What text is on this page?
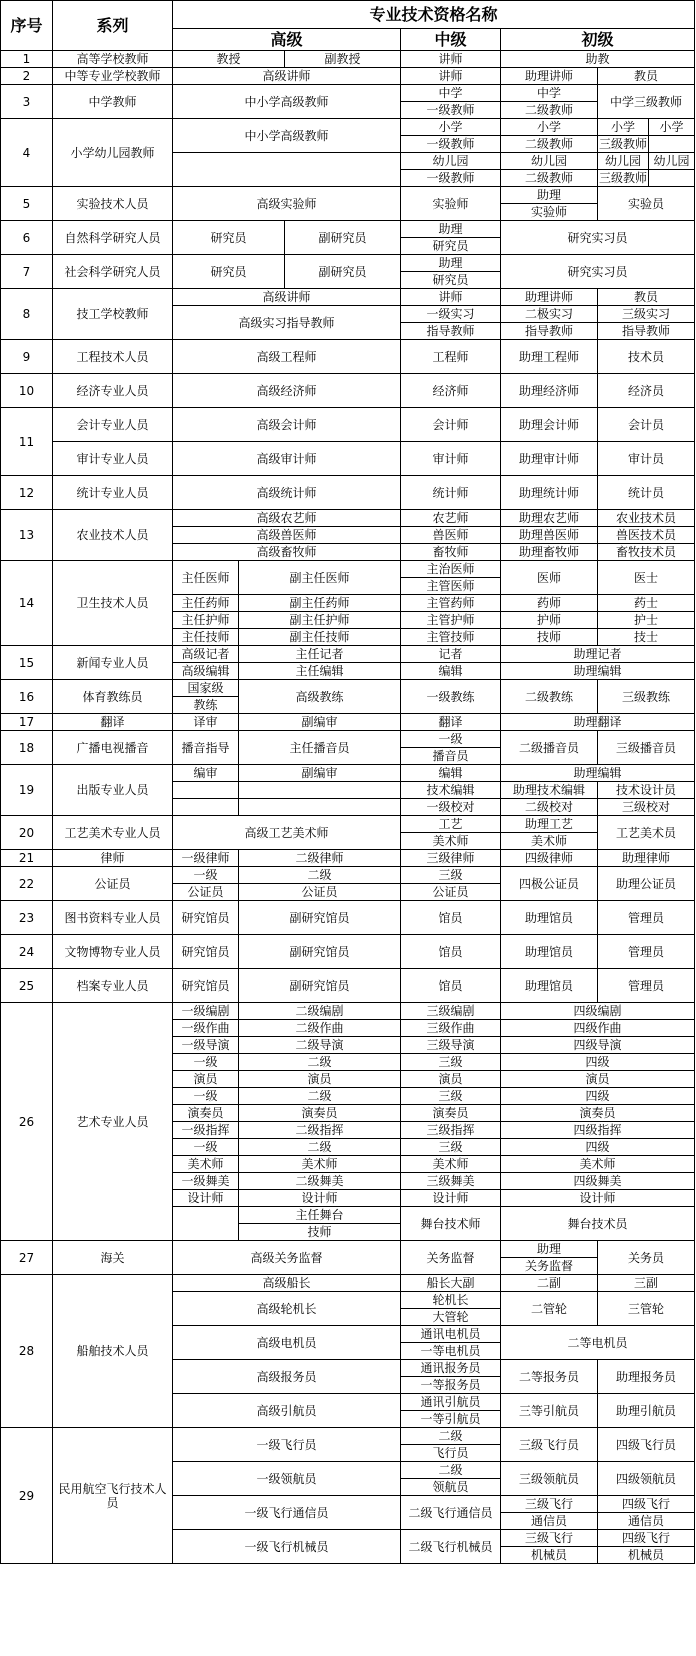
序号	系列	专业技术资格名称						
		高级			中级	初级		
1	高等学校教师	教授		副教授	讲师	助教		
2	中等专业学校教师	高级讲师			讲师	助理讲师	教员	
3	中学教师	中小学高级教师			中学	中学	中学三级教师	
					一级教师	二级教师		
4	小学幼儿园教师	中小学高级教师			小学	小学	小学	小学
					一级教师	二级教师	三级教师	
					幼儿园	幼儿园	幼儿园	幼儿园
					一级教师	二级教师	三级教师	
5	实验技术人员	高级实验师			实验师	助理	实验员	
						实验师		
6	自然科学研究人员	研究员		副研究员	助理	研究实习员		
					研究员			
7	社会科学研究人员	研究员		副研究员	助理	研究实习员		
					研究员			
8	技工学校教师	高级讲师			讲师	助理讲师	教员	
		高级实习指导教师			一级实习	二极实习	三级实习	
					指导教师	指导教师	指导教师	
9	工程技术人员	高级工程师			工程师	助理工程师	技术员	
10	经济专业人员	高级经济师			经济师	助理经济师	经济员	
11	会计专业人员	高级会计师			会计师	助理会计师	会计员	
	审计专业人员	高级审计师			审计师	助理审计师	审计员	
12	统计专业人员	高级统计师			统计师	助理统计师	统计员	
13	农业技术人员	高级农艺师			农艺师	助理农艺师	农业技术员	
		高级兽医师			兽医师	助理兽医师	兽医技术员	
		高级畜牧师			畜牧师	助理畜牧师	畜牧技术员	
14	卫生技术人员	主任医师	副主任医师		主治医师	医师	医士	
					主管医师			
		主任药师	副主任药师		主管药师	药师	药士	
		主任护师	副主任护师		主管护师	护师	护士	
		主任技师	副主任技师		主管技师	技师	技士	
15	新闻专业人员	高级记者	主任记者		记者	助理记者		
		高级编辑	主任编辑		编辑	助理编辑		
16	体育教练员	国家级	高级教练		一级教练	二级教练	三级教练	
		教练						
17	翻译	译审	副编审		翻译	助理翻译		
18	广播电视播音	播音指导	主任播音员		一级	二级播音员	三级播音员	
					播音员			
19	出版专业人员	编审	副编审		编辑	助理编辑		
					技术编辑	助理技术编辑	技术设计员	
					一级校对	二级校对	三级校对	
20	工艺美术专业人员	高级工艺美术师			工艺	助理工艺	工艺美术员	
					美术师	美术师		
21	律师	一级律师	二级律师		三级律师	四级律师	助理律师	
22	公证员	一级	二级		三级	四极公证员	助理公证员	
		公证员	公证员		公证员			
23	图书资料专业人员	研究馆员	副研究馆员		馆员	助理馆员	管理员	
24	文物博物专业人员	研究馆员	副研究馆员		馆员	助理馆员	管理员	
25	档案专业人员	研究馆员	副研究馆员		馆员	助理馆员	管理员	
26	艺术专业人员	一级编剧	二级编剧		三级编剧	四级编剧		
		一级作曲	二级作曲		三级作曲	四级作曲		
		一级导演	二级导演		三级导演	四级导演		
		一级	二级		三级	四级		
		演员	演员		演员	演员		
		一级	二级		三级	四级		
		演奏员	演奏员		演奏员	演奏员		
		一级指挥	二级指挥		三级指挥	四级指挥		
		一级	二级		三级	四级		
		美术师	美术师		美术师	美术师		
		一级舞美	二级舞美		三级舞美	四级舞美		
		设计师	设计师		设计师	设计师		
			主任舞台		舞台技术师	舞台技术员		
			技师					
27	海关	高级关务监督			关务监督	助理	关务员	
						关务监督		
28	船舶技术人员	高级船长			船长大副	二副	三副	
		高级轮机长			轮机长	二管轮	三管轮	
					大管轮			
		高级电机员			通讯电机员	二等电机员		
					一等电机员			
		高级报务员			通讯报务员	二等报务员	助理报务员	
					一等报务员			
		高级引航员			通讯引航员	三等引航员	助理引航员	
					一等引航员			
29	民用航空飞行技术人员	一级飞行员			二级	三级飞行员	四级飞行员	
					飞行员			
		一级领航员			二级	三级领航员	四级领航员	
					领航员			
		一级飞行通信员			二级飞行通信员	三级飞行	四级飞行	
						通信员	通信员	
		一级飞行机械员			二级飞行机械员	三级飞行	四级飞行	
						机械员	机械员	
